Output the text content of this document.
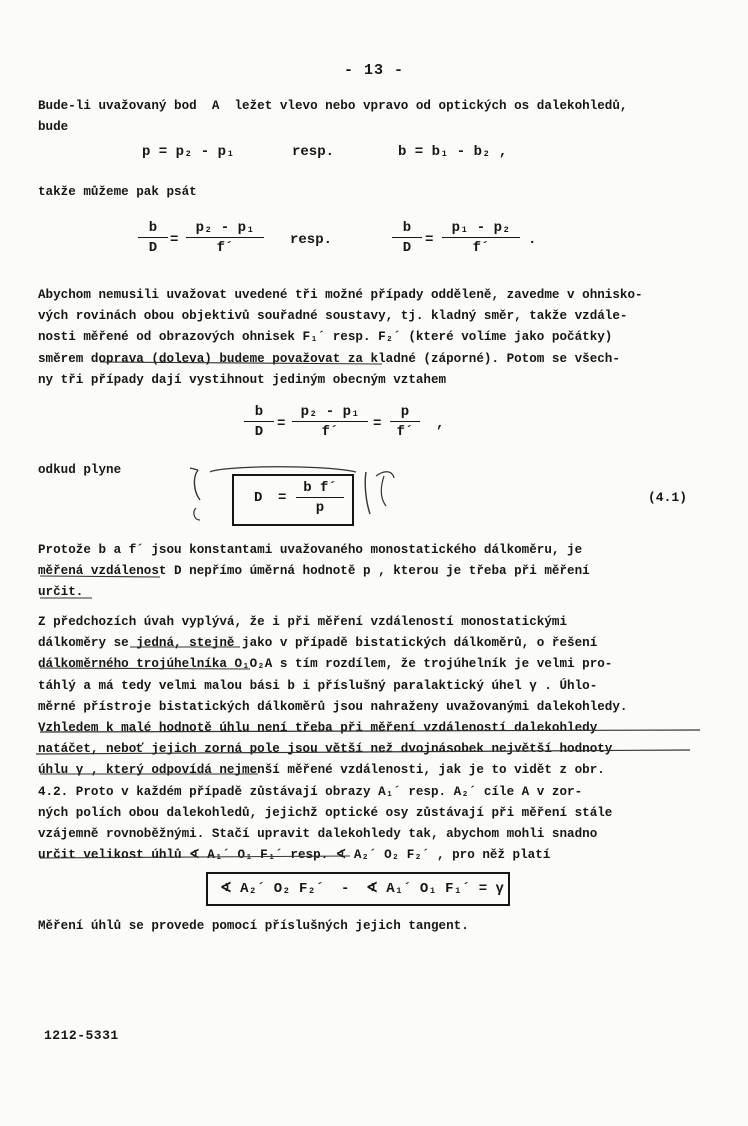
- 13 -
Bude-li uvažovaný bod  A  ležet vlevo nebo vpravo od optických os dalekohledů,
bude
p = p₂ - p₁	resp.	b = b₁ - b₂ ,
takže můžeme pak psát
$\frac{b}{D} = \frac{\text{p₂ - p₁}}{f´}$ resp.	$\frac{b}{D} = \frac{\text{p₁ - p₂}}{f´}$ .
Abychom nemusili uvažovat uvedené tři možné případy odděleně, zavedme v ohnisko-
vých rovinách obou objektivů souřadné soustavy, tj. kladný směr, takže vzdále-
nosti měřené od obrazových ohnisek F₁´ resp. F₂´ (které volíme jako počátky)
směrem doprava (doleva) budeme považovat za kladné (záporné). Potom se všech-
ny tři případy dají vystihnout jediným obecným vztahem
$\frac{b}{D} = \frac{\text{p₂ - p₁}}{f´} = \frac{p}{f´}$ ,
odkud plyne
$D = \frac{\text{b f´}}{p}$	(4.1)
Protože b a f´ jsou konstantami uvažovaného monostatického dálkoměru, je
měřená vzdálenost D nepřímo úměrná hodnotě p , kterou je třeba při měření
určit.
Z předchozích úvah vyplývá, že i při měření vzdáleností monostatickými
dálkoměry se jedná, stejně jako v případě bistatických dálkoměrů, o řešení
dálkoměrného trojúhelníka O₁O₂A s tím rozdílem, že trojúhelník je velmi pro-
táhlý a má tedy velmi malou bási b i příslušný paralaktický úhel γ . Úhlo-
měrné přístroje bistatických dálkoměrů jsou nahraženy uvažovanými dalekohledy.
Vzhledem k malé hodnotě úhlu není třeba při měření vzdáleností dalekohledy
natáčet, neboť jejich zorná pole jsou větší než dvojnásobek největší hodnoty
úhlu γ , který odpovídá nejmenší měřené vzdálenosti, jak je to vidět z obr.
4.2. Proto v každém případě zůstávají obrazy A₁´ resp. A₂´ cíle A v zor-
ných polích obou dalekohledů, jejichž optické osy zůstávají při měření stále
vzájemně rovnoběžnými. Stačí upravit dalekohledy tak, abychom mohli snadno
určit velikost úhlů ∢ A₁´ O₁ F₁´ resp. ∢ A₂´ O₂ F₂´ , pro něž platí
∢ A₂´ O₂ F₂´  -  ∢ A₁´ O₁ F₁´ = γ
Měření úhlů se provede pomocí příslušných jejich tangent.
1212-5331
